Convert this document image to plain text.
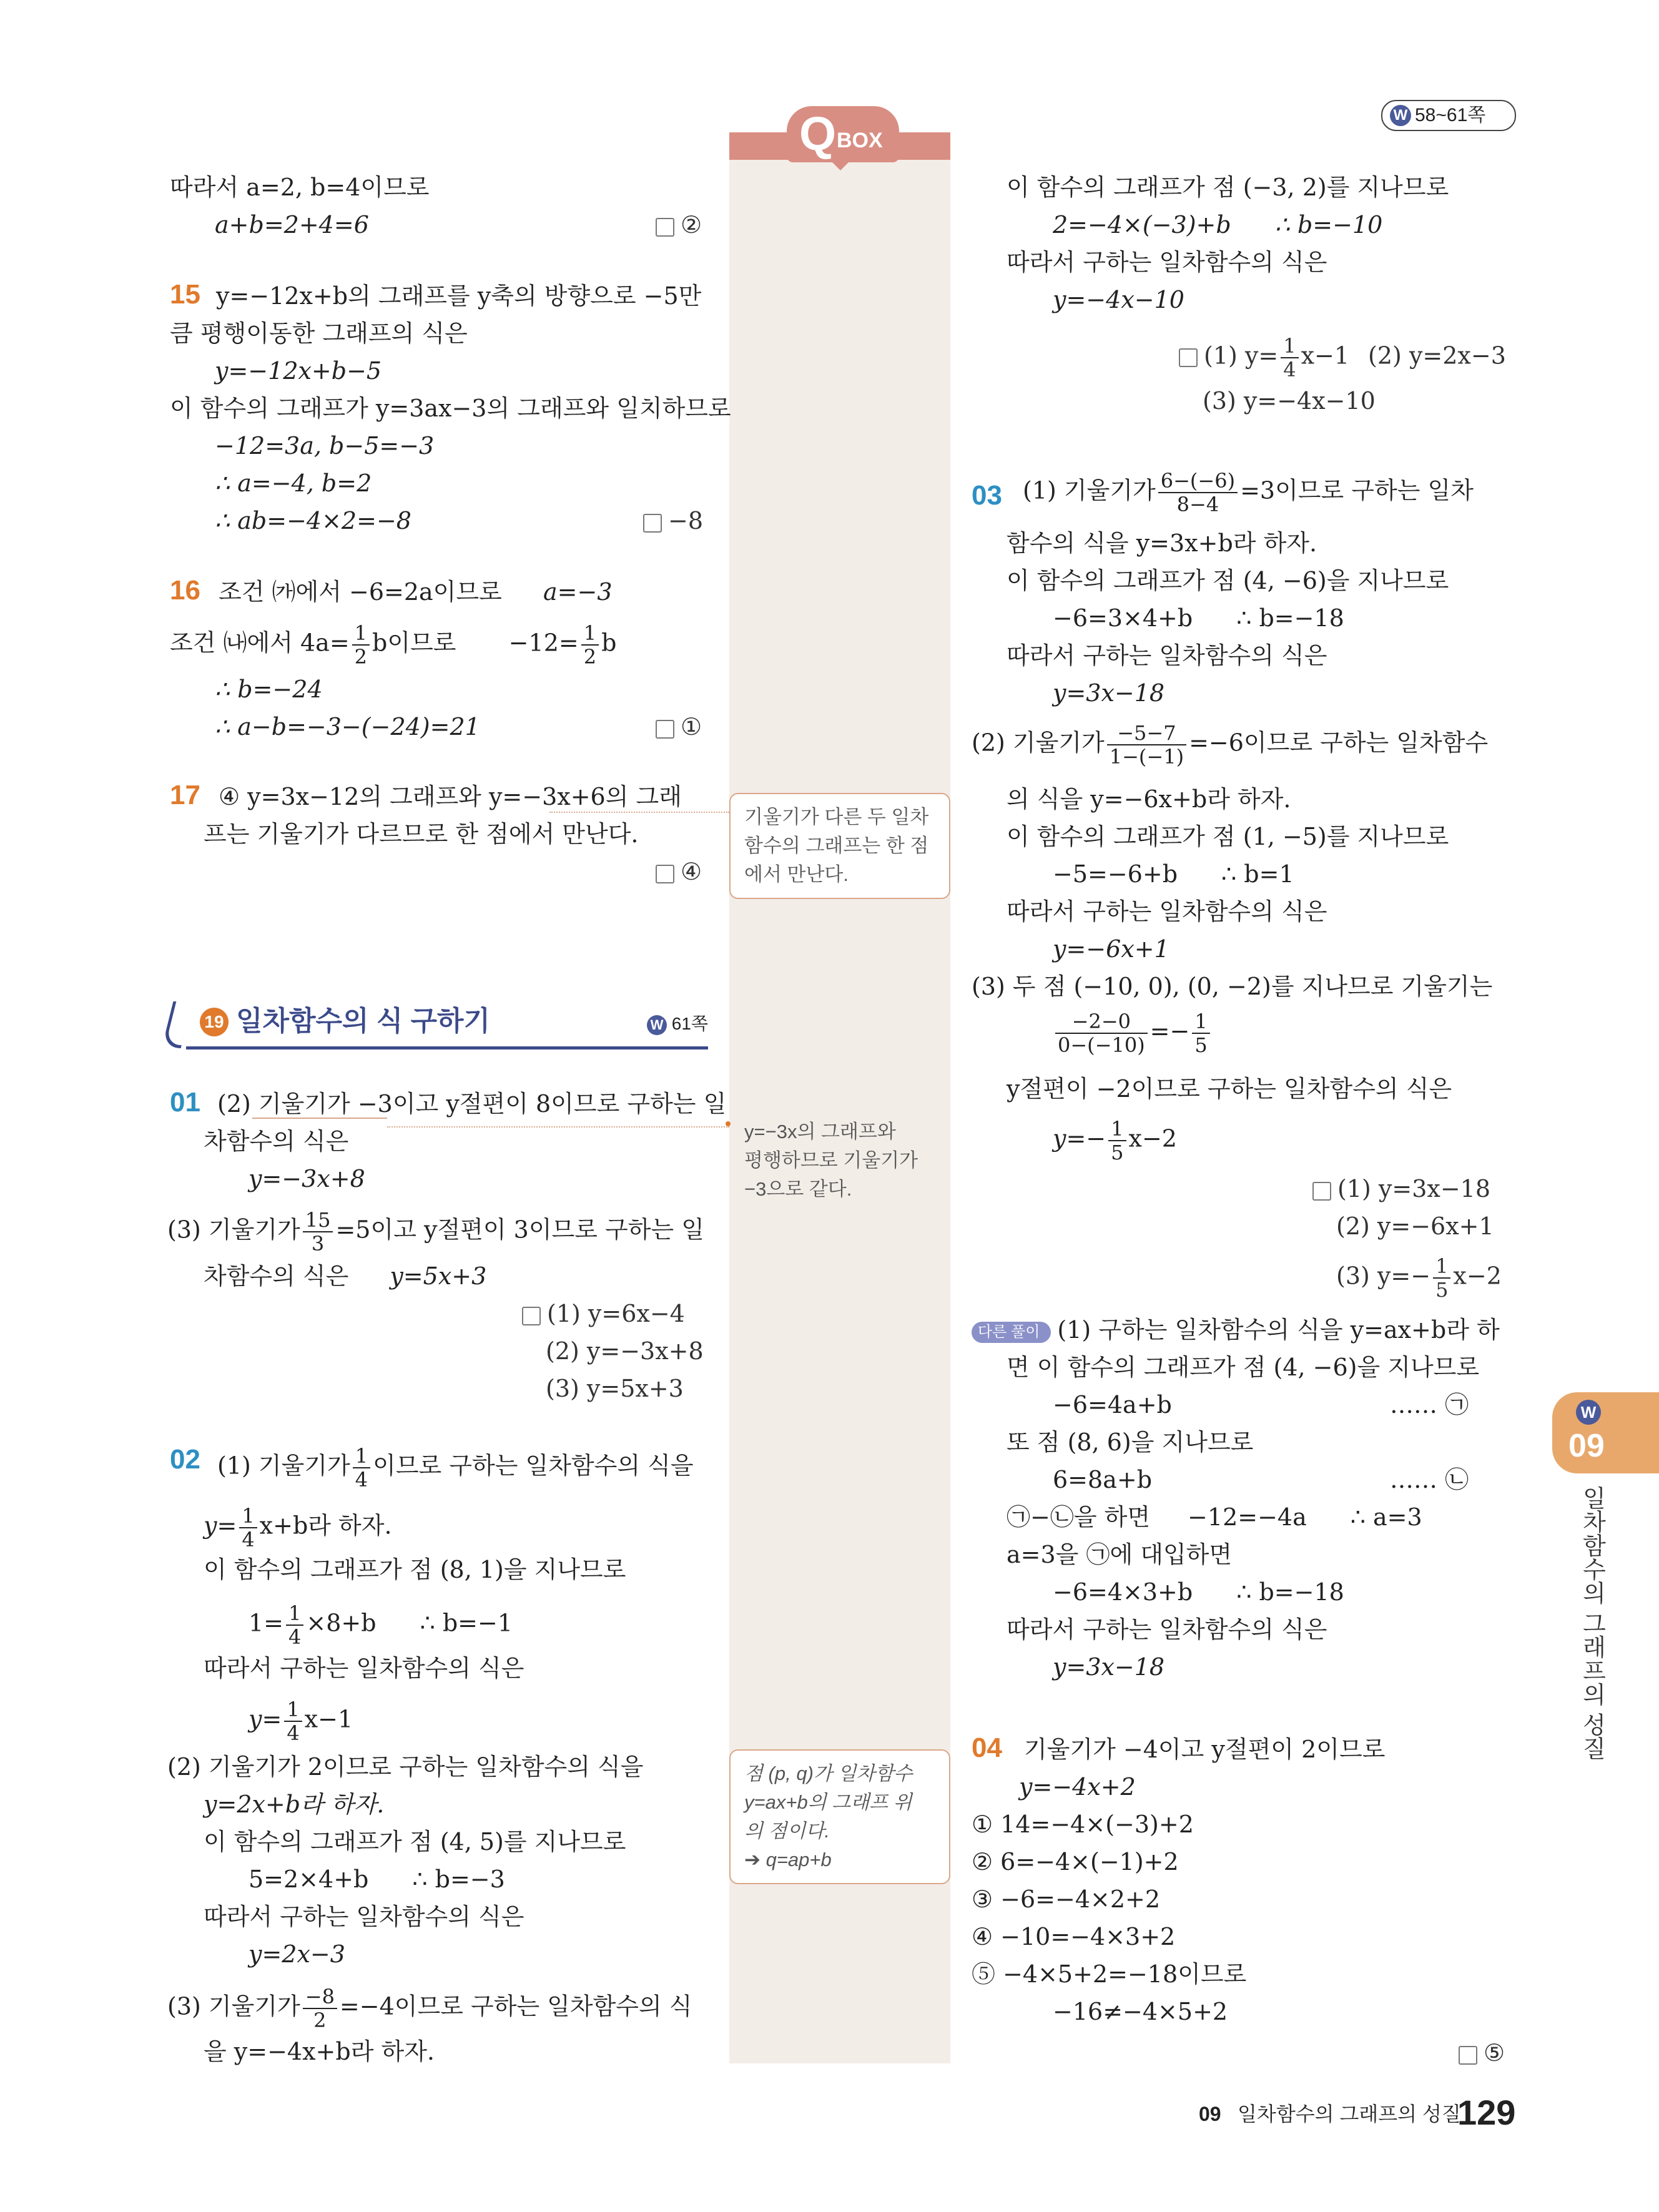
W 58~61쪽
Q BOX
따라서 a=2, b=4이므로
a+b=2+4=6	②
15 y=−12x+b의 그래프를 y축의 방향으로 −5만
큼 평행이동한 그래프의 식은
y=−12x+b−5
이 함수의 그래프가 y=3ax−3의 그래프와 일치하므로
−12=3a, b−5=−3
∴ a=−4, b=2
∴ ab=−4×2=−8	−8
16 조건 ㈎에서 −6=2a이므로 a=−3
조건 ㈏에서 $4a= \frac{1}{2}$ b이므로 $-12= \frac{1}{2}$ b
∴ b=−24
∴ a−b=−3−(−24)=21	①
17 ④ y=3x−12의 그래프와 y=−3x+6의 그래
프는 기울기가 다르므로 한 점에서 만난다.
④
19 일차함수의 식 구하기	W 61쪽
01 (2) 기울기가 −3이고 y절편이 8이므로 구하는 일
차함수의 식은
y=−3x+8
(3) 기울기가 $\frac{15}{3} =5$이고 y절편이 3이므로 구하는 일
차함수의 식은 y=5x+3
(1) y=6x−4
(2) y=−3x+8
(3) y=5x+3
02 (1) 기울기가 $\frac{1}{4}$ 이므로 구하는 일차함수의 식을
$y= \frac{1}{4} x+b$라 하자.
이 함수의 그래프가 점 (8, 1)을 지나므로
$1= \frac{1}{4} \times 8+b$ ∴ b=−1
따라서 구하는 일차함수의 식은
$y= \frac{1}{4} x-1$
(2) 기울기가 2이므로 구하는 일차함수의 식을
y=2x+b라 하자.
이 함수의 그래프가 점 (4, 5)를 지나므로
5=2×4+b ∴ b=−3
따라서 구하는 일차함수의 식은
y=2x−3
(3) 기울기가 $\frac{-8}{2} =-4$이므로 구하는 일차함수의 식
을 y=−4x+b라 하자.
기울기가 다른 두 일차
함수의 그래프는 한 점
에서 만난다.
y=−3x의 그래프와
평행하므로 기울기가
−3으로 같다.
점 (p, q)가 일차함수
y=ax+b의 그래프 위
의 점이다.
➔ q=ap+b
이 함수의 그래프가 점 (−3, 2)를 지나므로
2=−4×(−3)+b ∴ b=−10
따라서 구하는 일차함수의 식은
y=−4x−10
(1) $y= \frac{1}{4} x-1$ (2) y=2x−3
(3) y=−4x−10
03 (1) 기울기가 $\frac{6-(-6)}{8-4} =3$이므로 구하는 일차
함수의 식을 y=3x+b라 하자.
이 함수의 그래프가 점 (4, −6)을 지나므로
−6=3×4+b ∴ b=−18
따라서 구하는 일차함수의 식은
y=3x−18
(2) 기울기가 $\frac{-5-7}{1-(-1)} =-6$이므로 구하는 일차함수
의 식을 y=−6x+b라 하자.
이 함수의 그래프가 점 (1, −5)를 지나므로
−5=−6+b ∴ b=1
따라서 구하는 일차함수의 식은
y=−6x+1
(3) 두 점 (−10, 0), (0, −2)를 지나므로 기울기는
$\frac{-2-0}{0-(-10)} =- \frac{1}{5}$
y절편이 −2이므로 구하는 일차함수의 식은
$y=- \frac{1}{5} x-2$
(1) y=3x−18
(2) y=−6x+1
(3) $y=- \frac{1}{5} x-2$
다른 풀이 (1) 구하는 일차함수의 식을 y=ax+b라 하
면 이 함수의 그래프가 점 (4, −6)을 지나므로
−6=4a+b	…… ㉠
또 점 (8, 6)을 지나므로
6=8a+b	…… ㉡
㉠−㉡을 하면 −12=−4a ∴ a=3
a=3을 ㉠에 대입하면
−6=4×3+b ∴ b=−18
따라서 구하는 일차함수의 식은
y=3x−18
04 기울기가 −4이고 y절편이 2이므로
y=−4x+2
① 14=−4×(−3)+2
② 6=−4×(−1)+2
③ −6=−4×2+2
④ −10=−4×3+2
⑤ −4×5+2=−18이므로
−16≠−4×5+2
⑤
W
09
일차함수의 그래프의 성질
09 일차함수의 그래프의 성질
129
